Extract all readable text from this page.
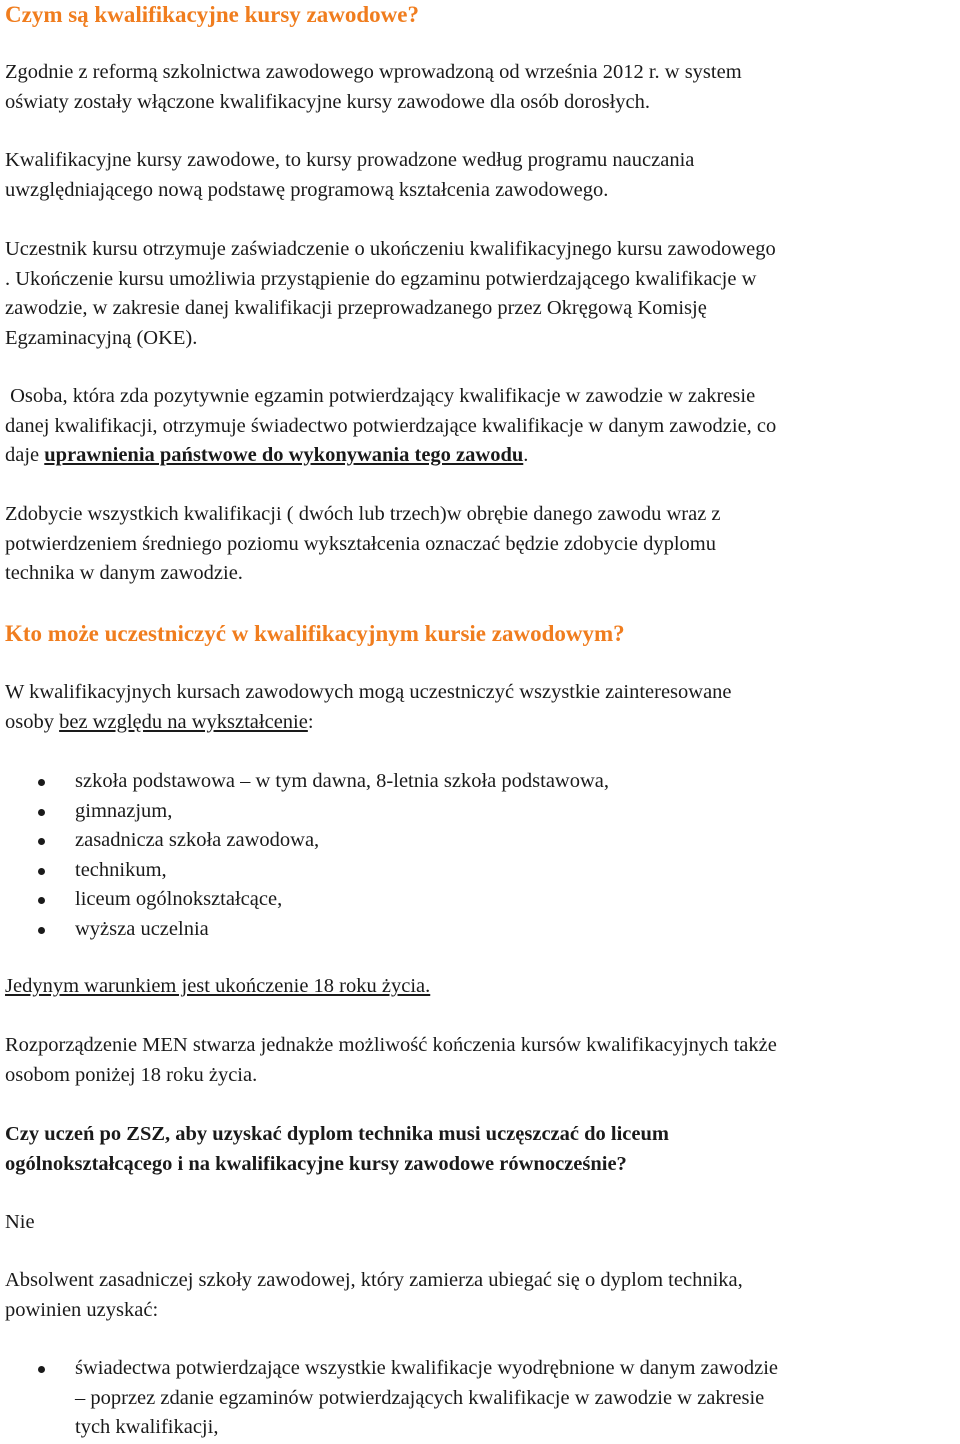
Czym są kwalifikacyjne kursy zawodowe?

Zgodnie z reformą szkolnictwa zawodowego wprowadzoną od września 2012 r. w system

oświaty zostały włączone kwalifikacyjne kursy zawodowe dla osób dorosłych.

Kwalifikacyjne kursy zawodowe, to kursy prowadzone według programu nauczania

uwzględniającego nową podstawę programową kształcenia zawodowego.

Uczestnik kursu otrzymuje zaświadczenie o ukończeniu kwalifikacyjnego kursu zawodowego

. Ukończenie kursu umożliwia przystąpienie do egzaminu potwierdzającego kwalifikacje w

zawodzie, w zakresie danej kwalifikacji przeprowadzanego przez Okręgową Komisję

Egzaminacyjną (OKE).

Osoba, która zda pozytywnie egzamin potwierdzający kwalifikacje w zawodzie w zakresie

danej kwalifikacji, otrzymuje świadectwo potwierdzające kwalifikacje w danym zawodzie, co

daje uprawnienia państwowe do wykonywania tego zawodu.

Zdobycie wszystkich kwalifikacji ( dwóch lub trzech)w obrębie danego zawodu wraz z

potwierdzeniem średniego poziomu wykształcenia oznaczać będzie zdobycie dyplomu

technika w danym zawodzie.

Kto może uczestniczyć w kwalifikacyjnym kursie zawodowym?

W kwalifikacyjnych kursach zawodowych mogą uczestniczyć wszystkie zainteresowane

osoby bez względu na wykształcenie:

szkoła podstawowa – w tym dawna, 8-letnia szkoła podstawowa,
gimnazjum,
zasadnicza szkoła zawodowa,
technikum,
liceum ogólnokształcące,
wyższa uczelnia

Jedynym warunkiem jest ukończenie 18 roku życia.

Rozporządzenie MEN stwarza jednakże możliwość kończenia kursów kwalifikacyjnych także

osobom poniżej 18 roku życia.

Czy uczeń po ZSZ, aby uzyskać dyplom technika musi uczęszczać do liceum

ogólnokształcącego i na kwalifikacyjne kursy zawodowe równocześnie?

Nie

Absolwent zasadniczej szkoły zawodowej, który zamierza ubiegać się o dyplom technika,

powinien uzyskać:

świadectwa potwierdzające wszystkie kwalifikacje wyodrębnione w danym zawodzie
– poprzez zdanie egzaminów potwierdzających kwalifikacje w zawodzie w zakresie
tych kwalifikacji,
